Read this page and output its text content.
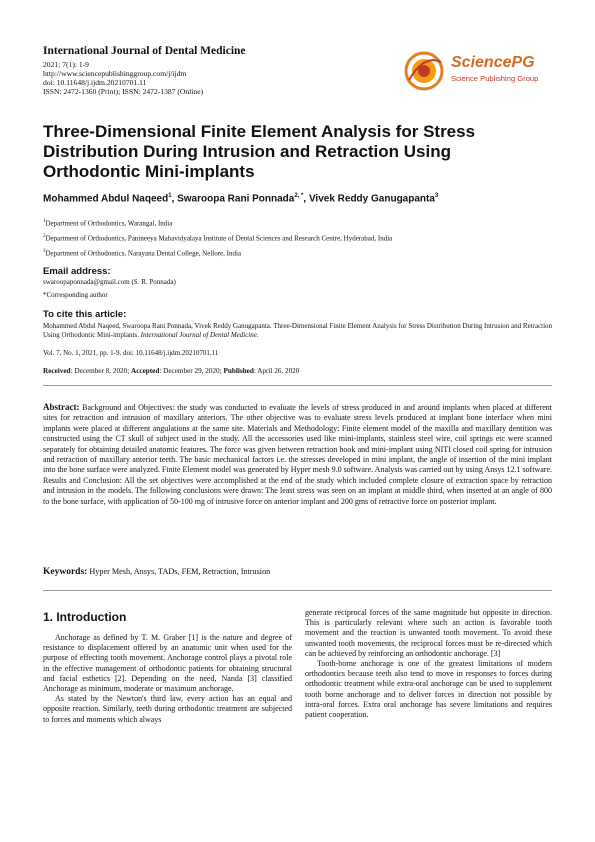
International Journal of Dental Medicine
2021; 7(1): 1-9
http://www.sciencepublishinggroup.com/j/ijdm
doi: 10.11648/j.ijdm.20210701.11
ISSN: 2472-1360 (Print); ISSN: 2472-1387 (Online)
SciencePG
Science Publishing Group
Three-Dimensional Finite Element Analysis for Stress Distribution During Intrusion and Retraction Using Orthodontic Mini-implants
Mohammed Abdul Naqeed$^1$, Swaroopa Rani Ponnada$^{2, *}$, Vivek Reddy Ganugapanta$^3$
$^1$Department of Orthodontics, Warangal, India
$^2$Department of Orthodontics, Panineeya Mahavidyalaya Institute of Dental Sciences and Research Centre, Hyderabad, India
$^3$Department of Orthodontics, Narayana Dental College, Nellore, India
Email address:
swaroopaponnada@gmail.com (S. R. Ponnada)
*Corresponding author
To cite this article:
Mohammed Abdul Naqeed, Swaroopa Rani Ponnada, Vivek Reddy Ganugapanta. Three-Dimensional Finite Element Analysis for Stress Distribution During Intrusion and Retraction Using Orthodontic Mini-implants. International Journal of Dental Medicine.
Vol. 7, No. 1, 2021, pp. 1-9. doi: 10.11648/j.ijdm.20210701.11
Received: December 8, 2020; Accepted: December 29, 2020; Published: April 26, 2020
Abstract: Background and Objectives: the study was conducted to evaluate the levels of stress produced in and around implants when placed at different sites for retraction and intrusion of maxillary anteriors. The other objective was to evaluate stress levels produced at implant bone interface when mini implants were placed at different angulations at the same site. Materials and Methodology: Finite element model of the maxilla and maxillary dentition was constructed using the CT skull of subject used in the study. All the accessories used like mini-implants, stainless steel wire, coil springs etc were scanned separately for obtaining detailed anatomic features. The force was given between retraction hook and mini-implant using NITI closed coil spring for intrusion and retraction of maxillary anterior teeth. The basic mechanical factors i.e. the stresses developed in mini implant, the angle of insertion of the mini implant into the bone surface were analyzed. Finite Element model was generated by Hyper mesh 9.0 software. Analysis was carried out by using Ansys 12.1 software. Results and Conclusion: All the set objectives were accomplished at the end of the study which included complete closure of extraction space by retraction and intrusion in the models. The following conclusions were drawn: The least stress was seen on an implant at middle third, when inserted at an angle of 800 to the bone surface, with application of 50-100 mg of intrusive force on anterior implant and 200 gms of retractive force on posterior implant.
Keywords: Hyper Mesh, Ansys, TADs, FEM, Retraction, Intrusion
1. Introduction

Anchorage as defined by T. M. Graber [1] is the nature and degree of resistance to displacement offered by an anatomic unit when used for the purpose of effecting tooth movement. Anchorage control plays a pivotal role in the effective management of orthodontic patients for obtaining structural and facial esthetics [2]. Depending on the need, Nanda [3] classified Anchorage as minimum, moderate or maximum anchorage.

As stated by the Newton's third law, every action has an equal and opposite reaction. Similarly, teeth during orthodontic treatment are subjected to forces and moments which always

generate reciprocal forces of the same magnitude but opposite in direction. This is particularly relevant where such an action is favorable tooth movement and the reaction is unwanted tooth movement. To avoid these unwanted tooth movements, the reciprocal forces must be re-directed which can be achieved by reinforcing an orthodontic anchorage. [3]

Tooth-borne anchorage is one of the greatest limitations of modern orthodontics because teeth also tend to move in responses to forces during orthodontic treatment while extra-oral anchorage can be used to supplement tooth borne anchorage and to deliver forces in direction not possible by intra-oral forces. Extra oral anchorage has severe limitations and requires patient cooperation.
